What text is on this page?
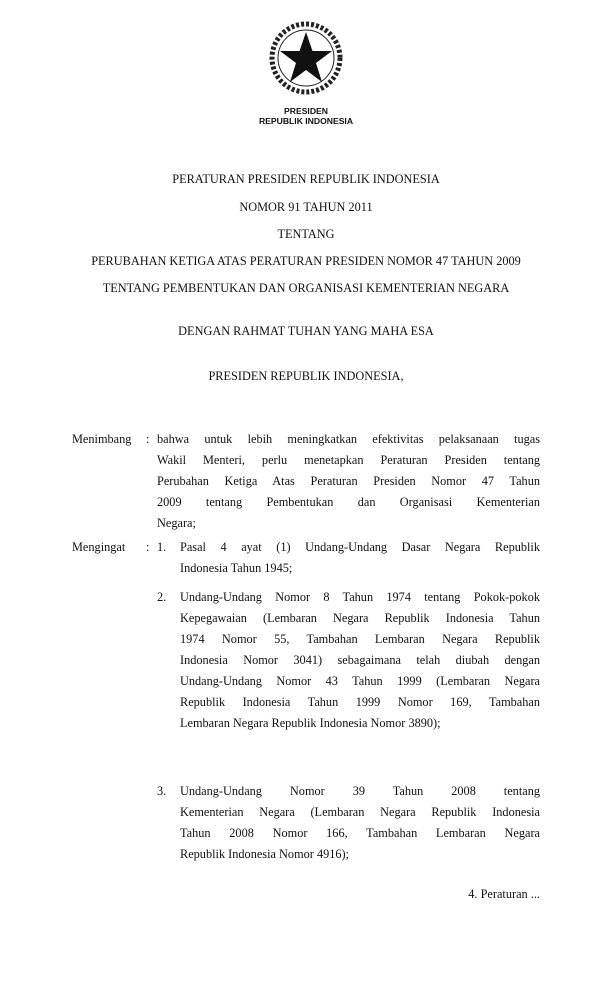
PRESIDEN
REPUBLIK INDONESIA
PERATURAN PRESIDEN REPUBLIK INDONESIA
NOMOR 91 TAHUN 2011
TENTANG
PERUBAHAN KETIGA ATAS PERATURAN PRESIDEN NOMOR 47 TAHUN 2009
TENTANG PEMBENTUKAN DAN ORGANISASI KEMENTERIAN NEGARA
DENGAN RAHMAT TUHAN YANG MAHA ESA
PRESIDEN REPUBLIK INDONESIA,
Menimbang : bahwa untuk lebih meningkatkan efektivitas pelaksanaan tugas
Wakil Menteri, perlu menetapkan Peraturan Presiden tentang
Perubahan Ketiga Atas Peraturan Presiden Nomor 47 Tahun
2009 tentang Pembentukan dan Organisasi Kementerian
Negara;
Mengingat : 1. Pasal 4 ayat (1) Undang-Undang Dasar Negara Republik
Indonesia Tahun 1945;
2. Undang-Undang Nomor 8 Tahun 1974 tentang Pokok-pokok
Kepegawaian (Lembaran Negara Republik Indonesia Tahun
1974 Nomor 55, Tambahan Lembaran Negara Republik
Indonesia Nomor 3041) sebagaimana telah diubah dengan
Undang-Undang Nomor 43 Tahun 1999 (Lembaran Negara
Republik Indonesia Tahun 1999 Nomor 169, Tambahan
Lembaran Negara Republik Indonesia Nomor 3890);
3. Undang-Undang Nomor 39 Tahun 2008 tentang
Kementerian Negara (Lembaran Negara Republik Indonesia
Tahun 2008 Nomor 166, Tambahan Lembaran Negara
Republik Indonesia Nomor 4916);
4. Peraturan ...
